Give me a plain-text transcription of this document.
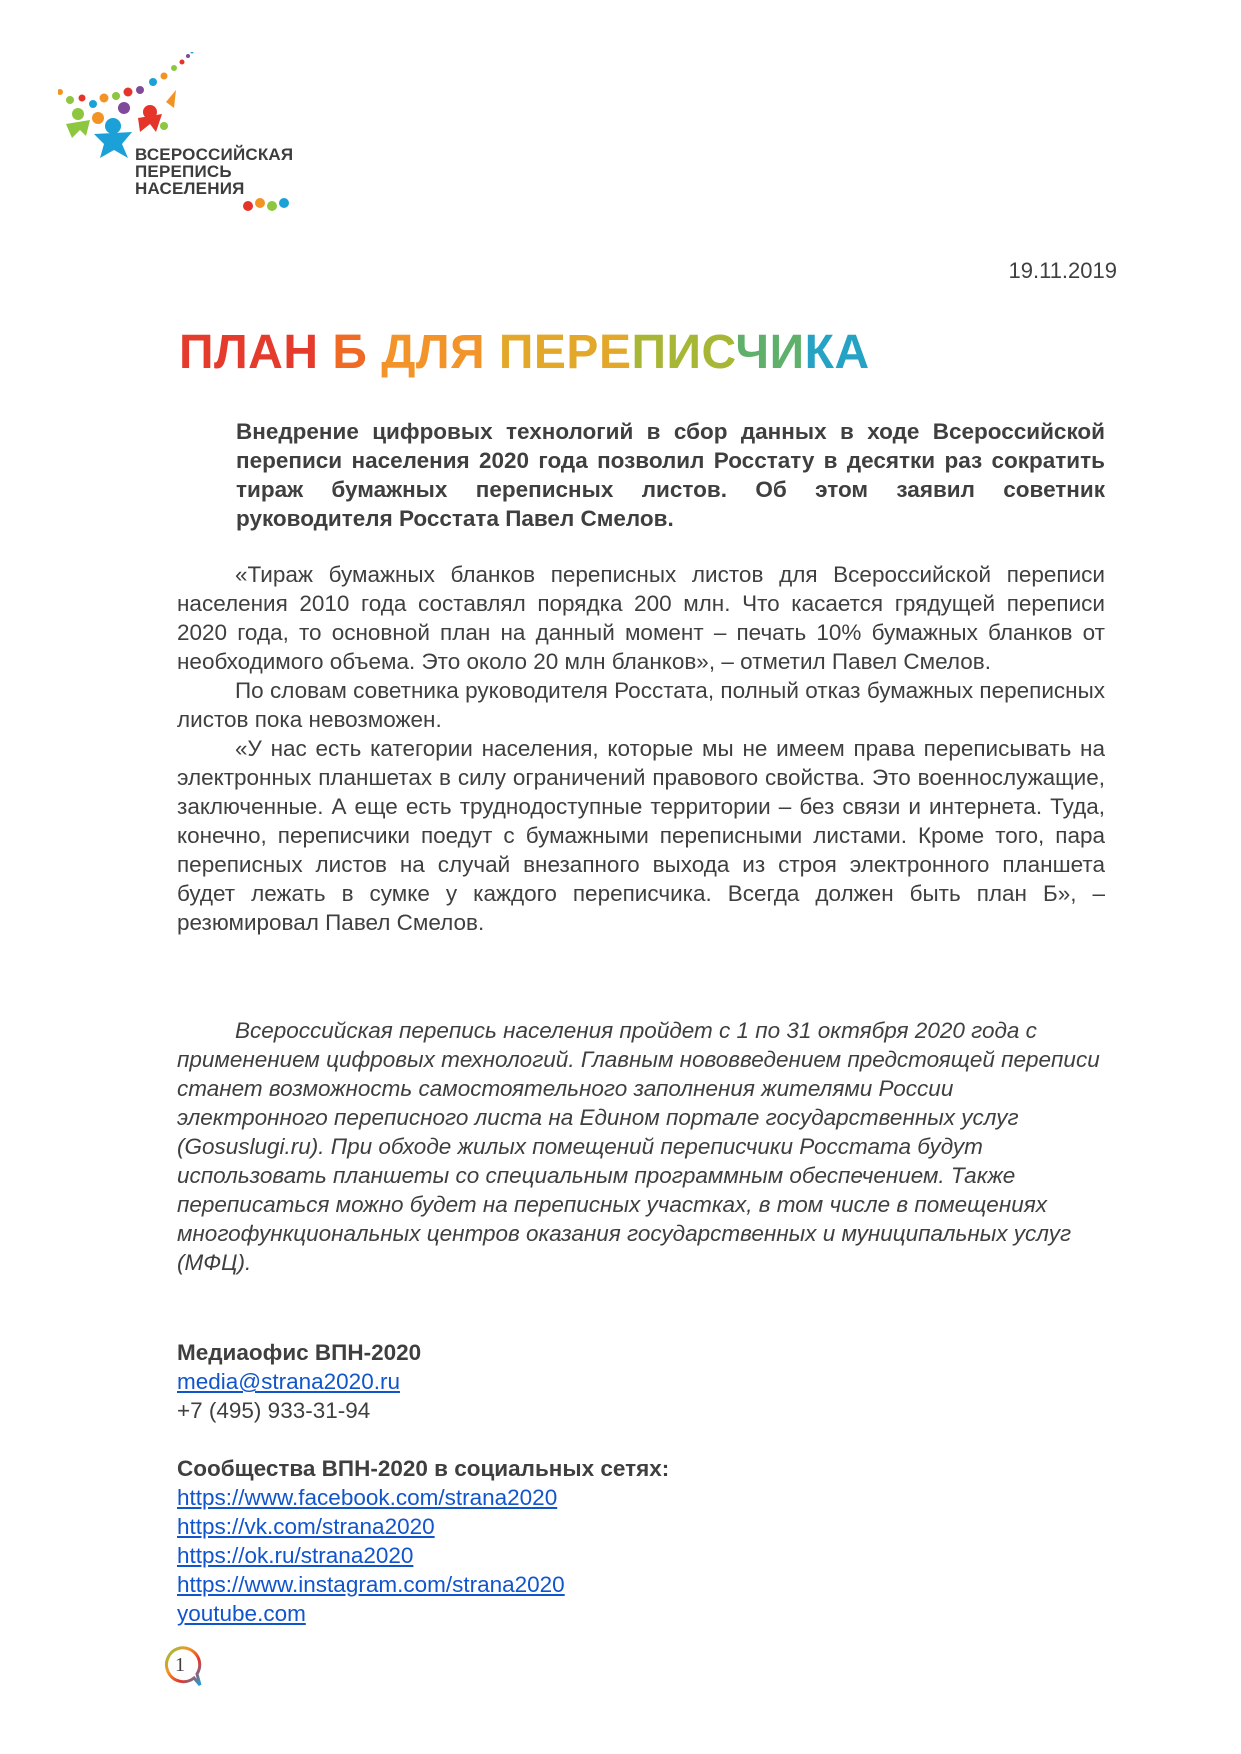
ВСЕРОССИЙСКАЯ
ПЕРЕПИСЬ
НАСЕЛЕНИЯ
19.11.2019
ПЛАН Б ДЛЯ ПЕРЕПИСЧИКА
Внедрение цифровых технологий в сбор данных в ходе Всероссийской переписи населения 2020 года позволил Росстату в десятки раз сократить тираж бумажных переписных листов. Об этом заявил советник руководителя Росстата Павел Смелов.

«Тираж бумажных бланков переписных листов для Всероссийской переписи населения 2010 года составлял порядка 200 млн. Что касается грядущей переписи 2020 года, то основной план на данный момент – печать 10% бумажных бланков от необходимого объема. Это около 20 млн бланков», – отметил Павел Смелов.

По словам советника руководителя Росстата, полный отказ бумажных переписных листов пока невозможен.

«У нас есть категории населения, которые мы не имеем права переписывать на электронных планшетах в силу ограничений правового свойства. Это военнослужащие, заключенные. А еще есть труднодоступные территории – без связи и интернета. Туда, конечно, переписчики поедут с бумажными переписными листами. Кроме того, пара переписных листов на случай внезапного выхода из строя электронного планшета будет лежать в сумке у каждого переписчика. Всегда должен быть план Б», – резюмировал Павел Смелов.

Всероссийская перепись населения пройдет с 1 по 31 октября 2020 года с применением цифровых технологий. Главным нововведением предстоящей переписи станет возможность самостоятельного заполнения жителями России электронного переписного листа на Едином портале государственных услуг (Gosuslugi.ru). При обходе жилых помещений переписчики Росстата будут использовать планшеты со специальным программным обеспечением. Также переписаться можно будет на переписных участках, в том числе в помещениях многофункциональных центров оказания государственных и муниципальных услуг (МФЦ).

Медиаофис ВПН-2020
media@strana2020.ru
+7 (495) 933-31-94
Сообщества ВПН-2020 в социальных сетях:
https://www.facebook.com/strana2020
https://vk.com/strana2020
https://ok.ru/strana2020
https://www.instagram.com/strana2020
youtube.com
1
